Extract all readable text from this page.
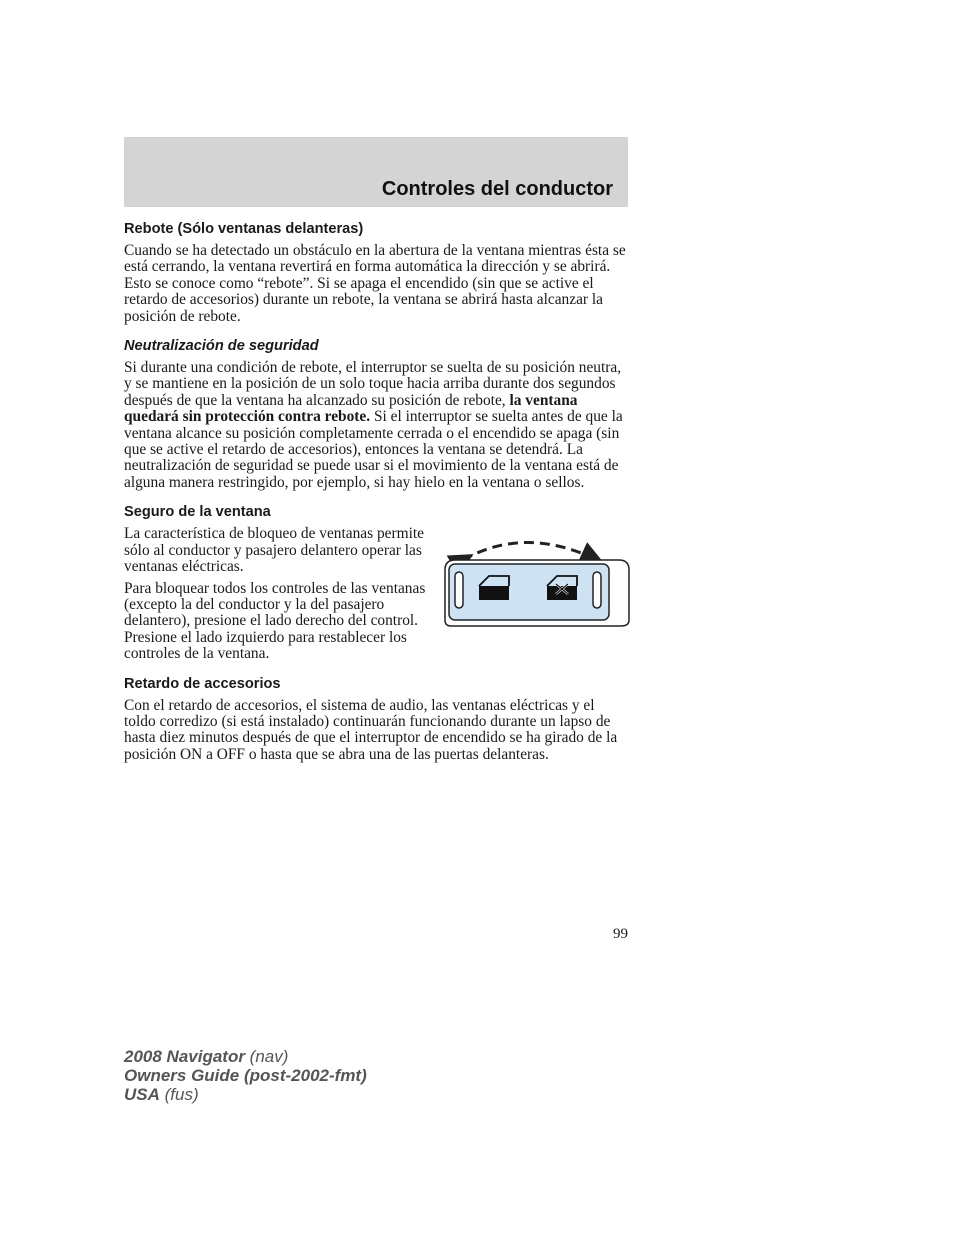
Controles del conductor
Rebote (Sólo ventanas delanteras)

Cuando se ha detectado un obstáculo en la abertura de la ventana mientras ésta se está cerrando, la ventana revertirá en forma automática la dirección y se abrirá. Esto se conoce como “rebote”. Si se apaga el encendido (sin que se active el retardo de accesorios) durante un rebote, la ventana se abrirá hasta alcanzar la posición de rebote.

Neutralización de seguridad

Si durante una condición de rebote, el interruptor se suelta de su posición neutra, y se mantiene en la posición de un solo toque hacia arriba durante dos segundos después de que la ventana ha alcanzado su posición de rebote, la ventana quedará sin protección contra rebote. Si el interruptor se suelta antes de que la ventana alcance su posición completamente cerrada o el encendido se apaga (sin que se active el retardo de accesorios), entonces la ventana se detendrá. La neutralización de seguridad se puede usar si el movimiento de la ventana está de alguna manera restringido, por ejemplo, si hay hielo en la ventana o sellos.

Seguro de la ventana

La característica de bloqueo de ventanas permite sólo al conductor y pasajero delantero operar las ventanas eléctricas.

Para bloquear todos los controles de las ventanas (excepto la del conductor y la del pasajero delantero), presione el lado derecho del control. Presione el lado izquierdo para restablecer los controles de la ventana.

Retardo de accesorios

Con el retardo de accesorios, el sistema de audio, las ventanas eléctricas y el toldo corredizo (si está instalado) continuarán funcionando durante un lapso de hasta diez minutos después de que el interruptor de encendido se ha girado de la posición ON a OFF o hasta que se abra una de las puertas delanteras.

99
2008 Navigator (nav)
Owners Guide (post-2002-fmt)
USA (fus)
